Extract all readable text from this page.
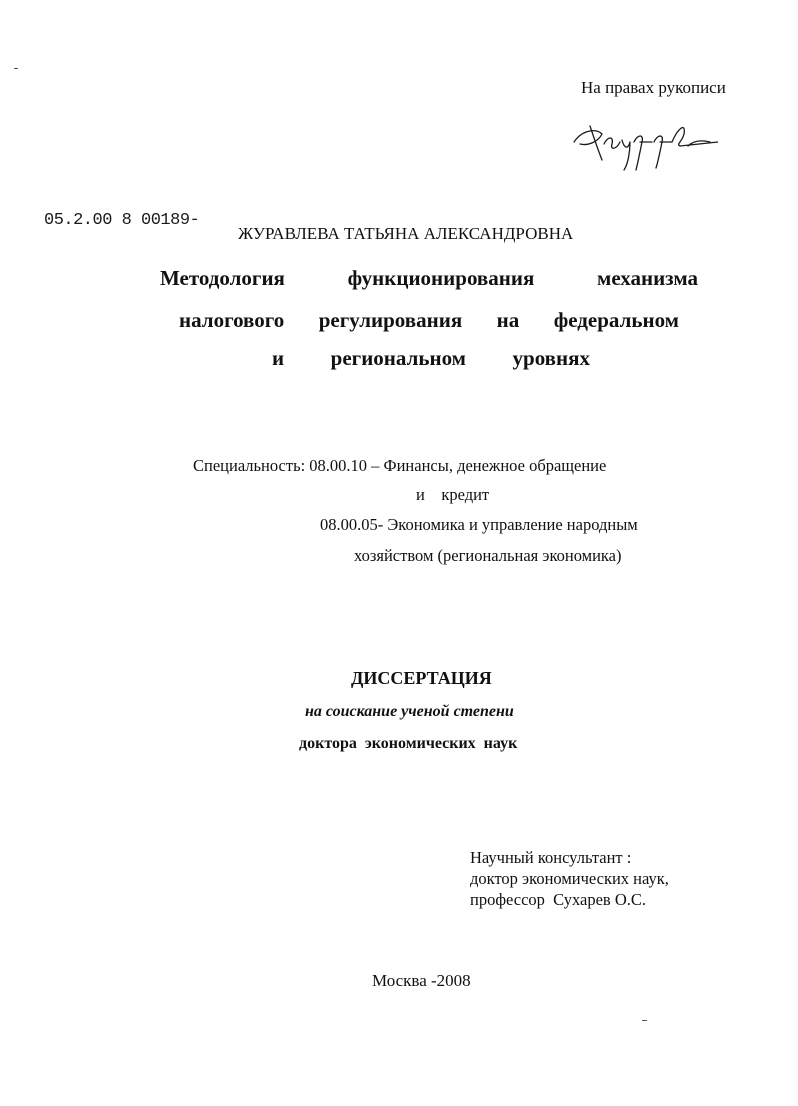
На правах рукописи
05.2.00 8 00189-
ЖУРАВЛЕВА ТАТЬЯНА АЛЕКСАНДРОВНА
Методология	функционирования	механизма
налогового регулирования на федеральном
и региональном уровнях
Специальность: 08.00.10 – Финансы, денежное обращение
и    кредит
08.00.05- Экономика и управление народным
хозяйством (региональная экономика)
ДИССЕРТАЦИЯ
на соискание ученой степени
доктора экономических наук
Научный консультант :
доктор экономических наук,
профессор  Сухарев О.С.
Москва -2008
